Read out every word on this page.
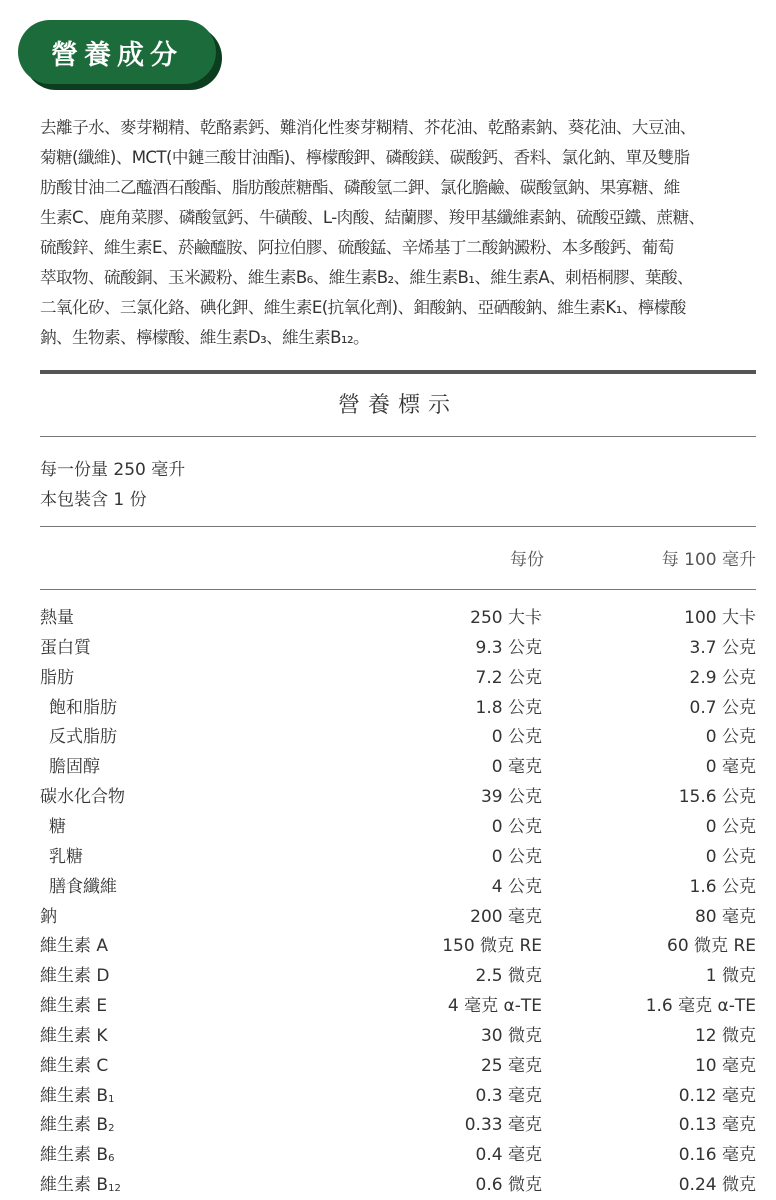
營養成分
去離子水、麥芽糊精、乾酪素鈣、難消化性麥芽糊精、芥花油、乾酪素鈉、葵花油、大豆油、
菊糖(纖維)、MCT(中鏈三酸甘油酯)、檸檬酸鉀、磷酸鎂、碳酸鈣、香料、氯化鈉、單及雙脂
肪酸甘油二乙醯酒石酸酯、脂肪酸蔗糖酯、磷酸氫二鉀、氯化膽鹼、碳酸氫鈉、果寡糖、維
生素C、鹿角菜膠、磷酸氫鈣、牛磺酸、L-肉酸、結蘭膠、羧甲基纖維素鈉、硫酸亞鐵、蔗糖、
硫酸鋅、維生素E、菸鹼醯胺、阿拉伯膠、硫酸錳、辛烯基丁二酸鈉澱粉、本多酸鈣、葡萄
萃取物、硫酸銅、玉米澱粉、維生素B₆、維生素B₂、維生素B₁、維生素A、刺梧桐膠、葉酸、
二氧化矽、三氯化鉻、碘化鉀、維生素E(抗氧化劑)、鉬酸鈉、亞硒酸鈉、維生素K₁、檸檬酸
鈉、生物素、檸檬酸、維生素D₃、維生素B₁₂。
營養標示
每一份量 250 毫升
本包裝含 1 份
每份	每 100 毫升
熱量	250 大卡	100 大卡
蛋白質	9.3 公克	3.7 公克
脂肪	7.2 公克	2.9 公克
飽和脂肪	1.8 公克	0.7 公克
反式脂肪	0 公克	0 公克
膽固醇	0 毫克	0 毫克
碳水化合物	39 公克	15.6 公克
糖	0 公克	0 公克
乳糖	0 公克	0 公克
膳食纖維	4 公克	1.6 公克
鈉	200 毫克	80 毫克
維生素 A	150 微克 RE	60 微克 RE
維生素 D	2.5 微克	1 微克
維生素 E	4 毫克 α-TE	1.6 毫克 α-TE
維生素 K	30 微克	12 微克
維生素 C	25 毫克	10 毫克
維生素 $B_1$	0.3 毫克	0.12 毫克
維生素 $B_2$	0.33 毫克	0.13 毫克
維生素 $B_6$	0.4 毫克	0.16 毫克
維生素 $B_{12}$	0.6 微克	0.24 微克
